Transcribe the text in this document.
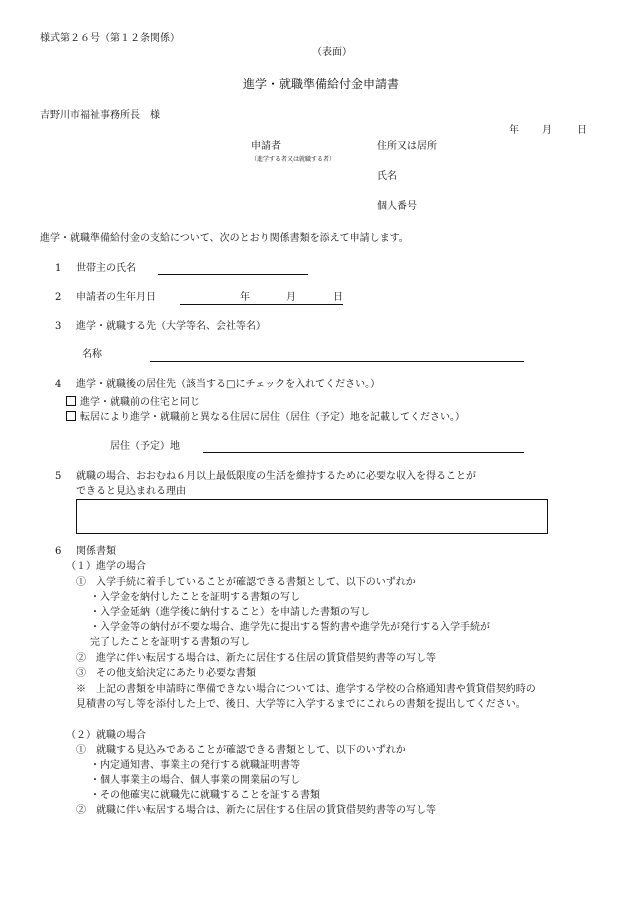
様式第２６号（第１２条関係）
（表面）
進学・就職準備給付金申請書
吉野川市福祉事務所長　様
年 月	日
申請者
（進学する者又は就職する者）
住所又は居所
氏名
個人番号
進学・就職準備給付金の支給について、次のとおり関係書類を添えて申請します。
1 世帯主の氏名
2 申請者の生年月日	年	月	日
3 進学・就職する先（大学等名、会社等名）
名称
4 進学・就職後の居住先（該当する□にチェックを入れてください。）
進学・就職前の住宅と同じ
転居により進学・就職前と異なる住居に居住（居住（予定）地を記載してください。）
居住（予定）地
5 就職の場合、おおむね６月以上最低限度の生活を維持するために必要な収入を得ることが
できると見込まれる理由
6 関係書類
（１）進学の場合
①　入学手続に着手していることが確認できる書類として、以下のいずれか
・入学金を納付したことを証明する書類の写し
・入学金延納（進学後に納付すること）を申請した書類の写し
・入学金等の納付が不要な場合、進学先に提出する誓約書や進学先が発行する入学手続が
完了したことを証明する書類の写し
②　進学に伴い転居する場合は、新たに居住する住居の賃貸借契約書等の写し等
③　その他支給決定にあたり必要な書類
※　上記の書類を申請時に準備できない場合については、進学する学校の合格通知書や賃貸借契約時の
見積書の写し等を添付した上で、後日、大学等に入学するまでにこれらの書類を提出してください。
（２）就職の場合
①　就職する見込みであることが確認できる書類として、以下のいずれか
・内定通知書、事業主の発行する就職証明書等
・個人事業主の場合、個人事業の開業届の写し
・その他確実に就職先に就職することを証する書類
②　就職に伴い転居する場合は、新たに居住する住居の賃貸借契約書等の写し等
